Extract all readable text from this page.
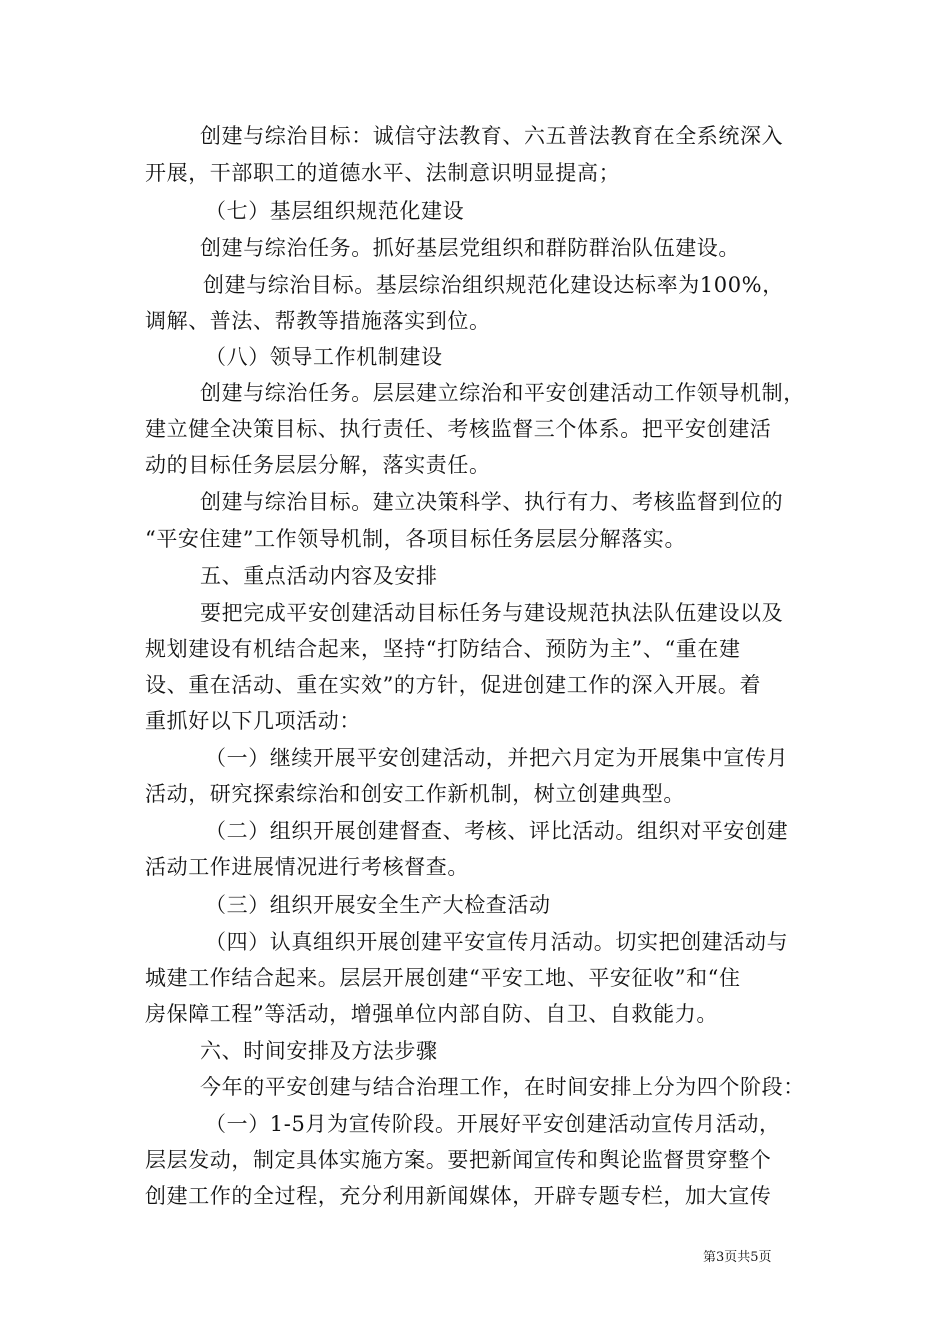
创建与综治目标：诚信守法教育、六五普法教育在全系统深入
开展，干部职工的道德水平、法制意识明显提高；
（七）基层组织规范化建设
创建与综治任务。抓好基层党组织和群防群治队伍建设。
创建与综治目标。基层综治组织规范化建设达标率为100%，
调解、普法、帮教等措施落实到位。
（八）领导工作机制建设
创建与综治任务。层层建立综治和平安创建活动工作领导机制，
建立健全决策目标、执行责任、考核监督三个体系。把平安创建活
动的目标任务层层分解，落实责任。
创建与综治目标。建立决策科学、执行有力、考核监督到位的
“平安住建”工作领导机制，各项目标任务层层分解落实。
五、重点活动内容及安排
要把完成平安创建活动目标任务与建设规范执法队伍建设以及
规划建设有机结合起来，坚持“打防结合、预防为主”、“重在建
设、重在活动、重在实效”的方针，促进创建工作的深入开展。着
重抓好以下几项活动：
（一）继续开展平安创建活动，并把六月定为开展集中宣传月
活动，研究探索综治和创安工作新机制，树立创建典型。
（二）组织开展创建督查、考核、评比活动。组织对平安创建
活动工作进展情况进行考核督查。
（三）组织开展安全生产大检查活动
（四）认真组织开展创建平安宣传月活动。切实把创建活动与
城建工作结合起来。层层开展创建“平安工地、平安征收”和“住
房保障工程”等活动，增强单位内部自防、自卫、自救能力。
六、时间安排及方法步骤
今年的平安创建与结合治理工作，在时间安排上分为四个阶段：
（一）1-5月为宣传阶段。开展好平安创建活动宣传月活动，
层层发动，制定具体实施方案。要把新闻宣传和舆论监督贯穿整个
创建工作的全过程，充分利用新闻媒体，开辟专题专栏，加大宣传
第3页共5页
